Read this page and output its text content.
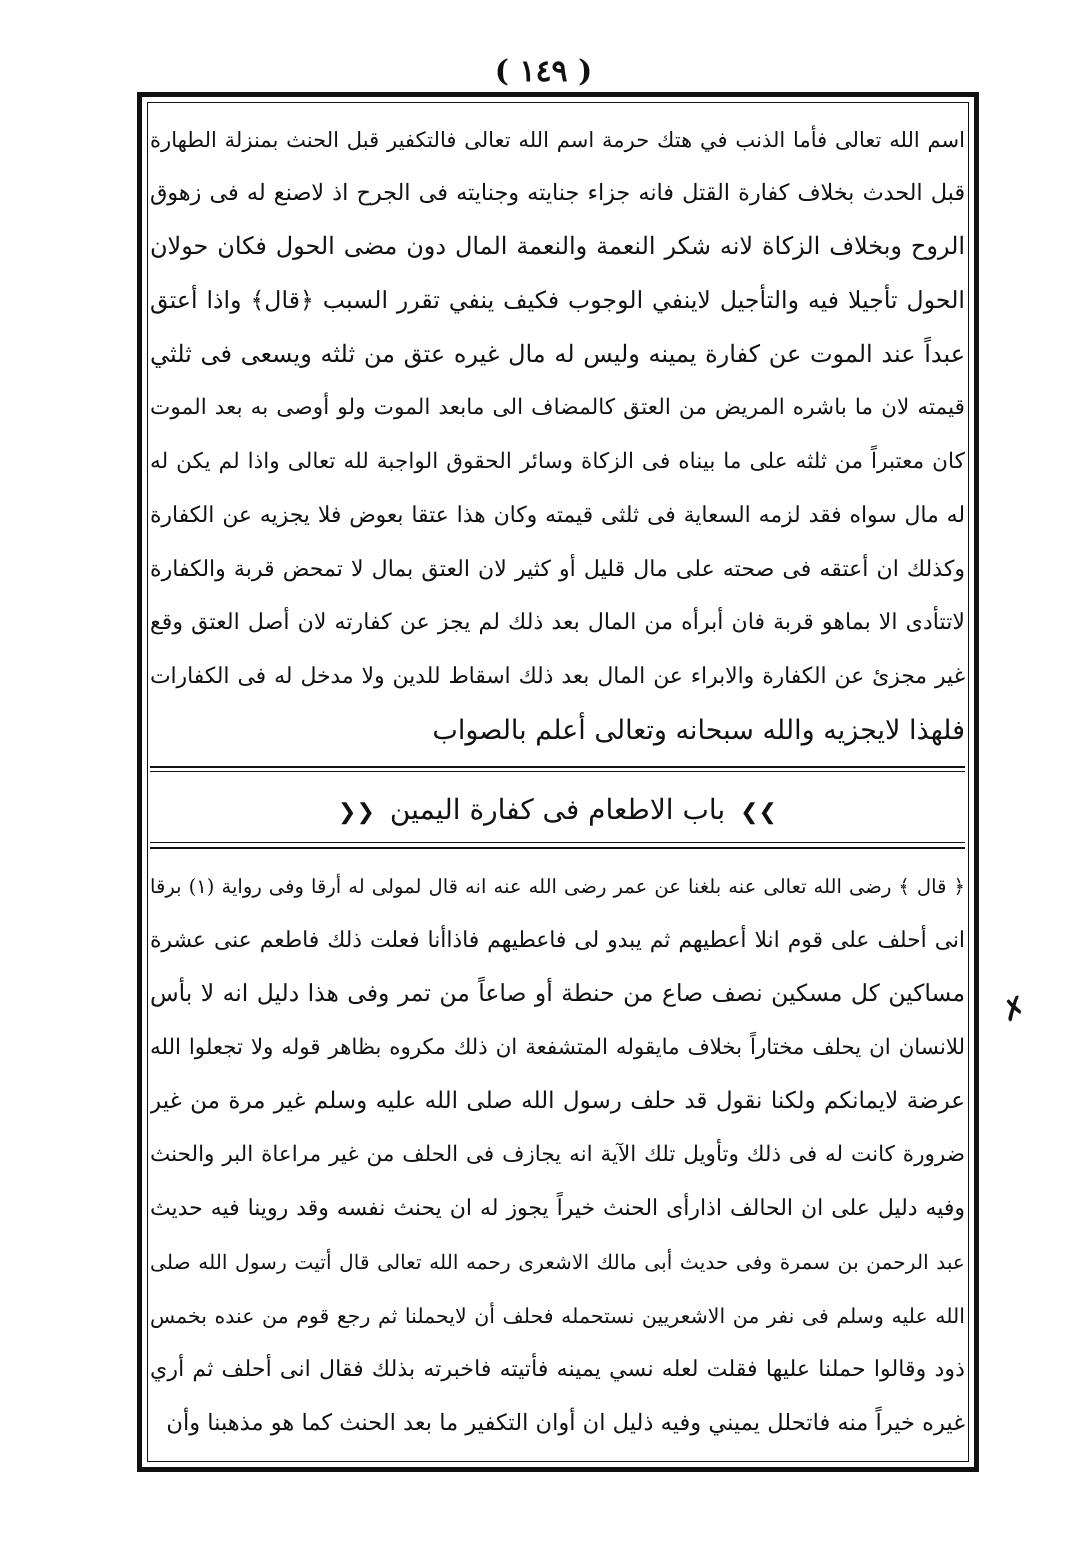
( ١٤٩ )
اسم الله تعالى فأما الذنب في هتك حرمة اسم الله تعالى فالتكفير قبل الحنث بمنزلة الطهارة
قبل الحدث بخلاف كفارة القتل فانه جزاء جنايته وجنايته فى الجرح اذ لاصنع له فى زهوق
الروح وبخلاف الزكاة لانه شكر النعمة والنعمة المال دون مضى الحول فكان حولان
الحول تأجيلا فيه والتأجيل لاينفي الوجوب فكيف ينفي تقرر السبب ﴿قال﴾ واذا أعتق
عبداً عند الموت عن كفارة يمينه وليس له مال غيره عتق من ثلثه ويسعى فى ثلثي
قيمته لان ما باشره المريض من العتق كالمضاف الى مابعد الموت ولو أوصى به بعد الموت
كان معتبراً من ثلثه على ما بيناه فى الزكاة وسائر الحقوق الواجبة لله تعالى واذا لم يكن له
له مال سواه فقد لزمه السعاية فى ثلثى قيمته وكان هذا عتقا بعوض فلا يجزيه عن الكفارة
وكذلك ان أعتقه فى صحته على مال قليل أو كثير لان العتق بمال لا تمحض قربة والكفارة
لاتتأدى الا بماهو قربة فان أبرأه من المال بعد ذلك لم يجز عن كفارته لان أصل العتق وقع
غير مجزئ عن الكفارة والابراء عن المال بعد ذلك اسقاط للدين ولا مدخل له فى الكفارات
فلهذا لايجزيه والله سبحانه وتعالى أعلم بالصواب
❯❯ باب الاطعام فى كفارة اليمين ❮❮
﴿ قال ﴾ رضى الله تعالى عنه بلغنا عن عمر رضى الله عنه انه قال لمولى له أرقا وفى رواية (١) برقا
انى أحلف على قوم انلا أعطيهم ثم يبدو لى فاعطيهم فاذاأنا فعلت ذلك فاطعم عنى عشرة
مساكين كل مسكين نصف صاع من حنطة أو صاعاً من تمر وفى هذا دليل انه لا بأس
للانسان ان يحلف مختاراً بخلاف مايقوله المتشفعة ان ذلك مكروه بظاهر قوله ولا تجعلوا الله
عرضة لايمانكم ولكنا نقول قد حلف رسول الله صلى الله عليه وسلم غير مرة من غير
ضرورة كانت له فى ذلك وتأويل تلك الآية انه يجازف فى الحلف من غير مراعاة البر والحنث
وفيه دليل على ان الحالف اذارأى الحنث خيراً يجوز له ان يحنث نفسه وقد روينا فيه حديث
عبد الرحمن بن سمرة وفى حديث أبى مالك الاشعرى رحمه الله تعالى قال أتيت رسول الله صلى
الله عليه وسلم فى نفر من الاشعريين نستحمله فحلف أن لايحملنا ثم رجع قوم من عنده بخمس
ذود وقالوا حملنا عليها فقلت لعله نسي يمينه فأتيته فاخبرته بذلك فقال انى أحلف ثم أري
غيره خيراً منه فاتحلل يميني وفيه ذليل ان أوان التكفير ما بعد الحنث كما هو مذهبنا وأن
✗
